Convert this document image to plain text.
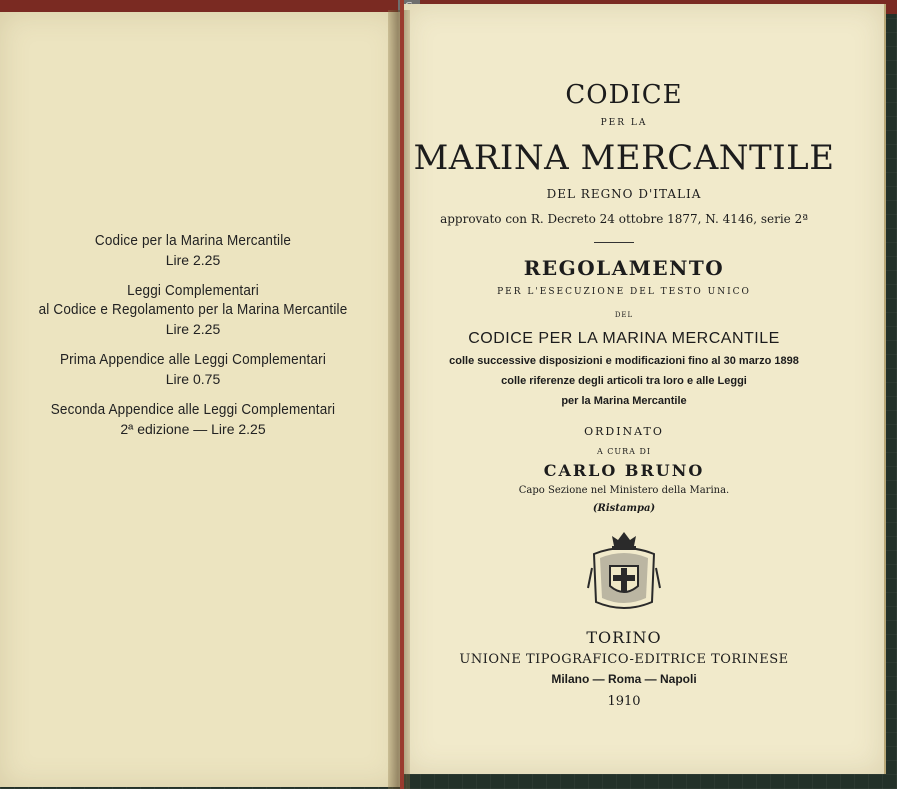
Codice per la Marina Mercantile
Lire 2.25
Leggi Complementari
al Codice e Regolamento per la Marina Mercantile
Lire 2.25
Prima Appendice alle Leggi Complementari
Lire 0.75
Seconda Appendice alle Leggi Complementari
2ª edizione — Lire 2.25
CODICE
PER LA
MARINA MERCANTILE
DEL REGNO D'ITALIA
approvato con R. Decreto 24 ottobre 1877, N. 4146, serie 2ª
REGOLAMENTO
PER L'ESECUZIONE DEL TESTO UNICO
DEL
CODICE PER LA MARINA MERCANTILE
colle successive disposizioni e modificazioni fino al 30 marzo 1898
colle riferenze degli articoli tra loro e alle Leggi
per la Marina Mercantile
ORDINATO
A CURA DI
CARLO BRUNO
Capo Sezione nel Ministero della Marina.
(Ristampa)
TORINO
UNIONE TIPOGRAFICO-EDITRICE TORINESE
Milano — Roma — Napoli
1910
